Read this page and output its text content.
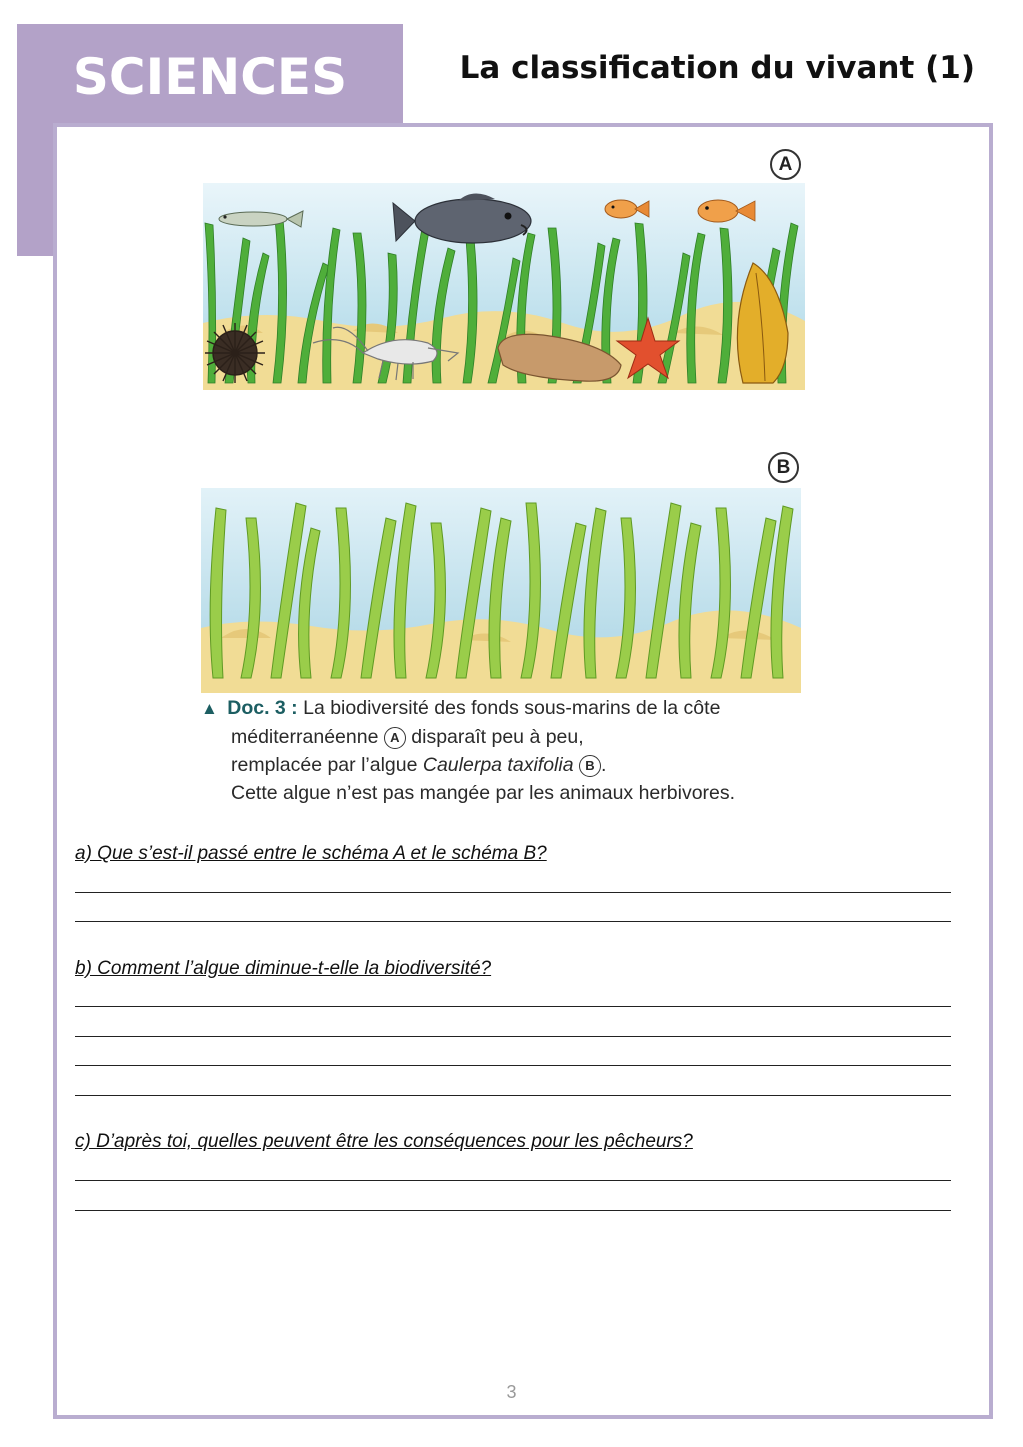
SCIENCES	La classification du vivant (1)
A
B
▲ Doc. 3 : La biodiversité des fonds sous-marins de la côte
méditerranéenne A disparaît peu à peu,
remplacée par l’algue Caulerpa taxifolia B .
Cette algue n’est pas mangée par les animaux herbivores.
a) Que s’est-il passé entre le schéma A et le schéma B?
b) Comment l’algue diminue-t-elle la biodiversité?
c) D’après toi, quelles peuvent être les conséquences pour les pêcheurs?
3
